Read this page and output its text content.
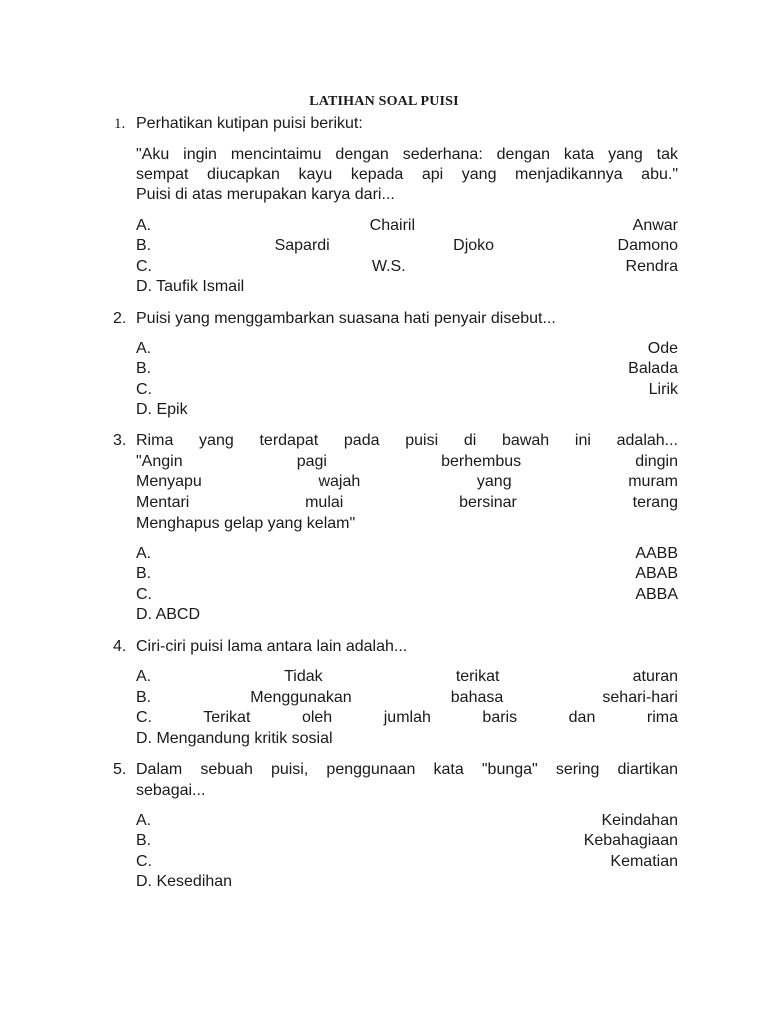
LATIHAN SOAL PUISI
1. Perhatikan kutipan puisi berikut:
"Aku ingin mencintaimu dengan sederhana: dengan kata yang tak
sempat diucapkan kayu kepada api yang menjadikannya abu."
Puisi di atas merupakan karya dari...
A.	Chairil Anwar
B.	Sapardi Djoko Damono
C.	W.S. Rendra
D. Taufik Ismail
2. Puisi yang menggambarkan suasana hati penyair disebut...
A.	Ode
B.	Balada
C.	Lirik
D. Epik
3. Rima yang terdapat pada puisi di bawah ini adalah...
"Angin pagi berhembus dingin
Menyapu wajah yang muram
Mentari mulai bersinar terang
Menghapus gelap yang kelam"
A.	AABB
B.	ABAB
C.	ABBA
D. ABCD
4. Ciri-ciri puisi lama antara lain adalah...
A.	Tidak terikat aturan
B.	Menggunakan bahasa sehari-hari
C.	Terikat oleh jumlah baris dan rima
D. Mengandung kritik sosial
5. Dalam sebuah puisi, penggunaan kata "bunga" sering diartikan
sebagai...
A.	Keindahan
B.	Kebahagiaan
C.	Kematian
D. Kesedihan
